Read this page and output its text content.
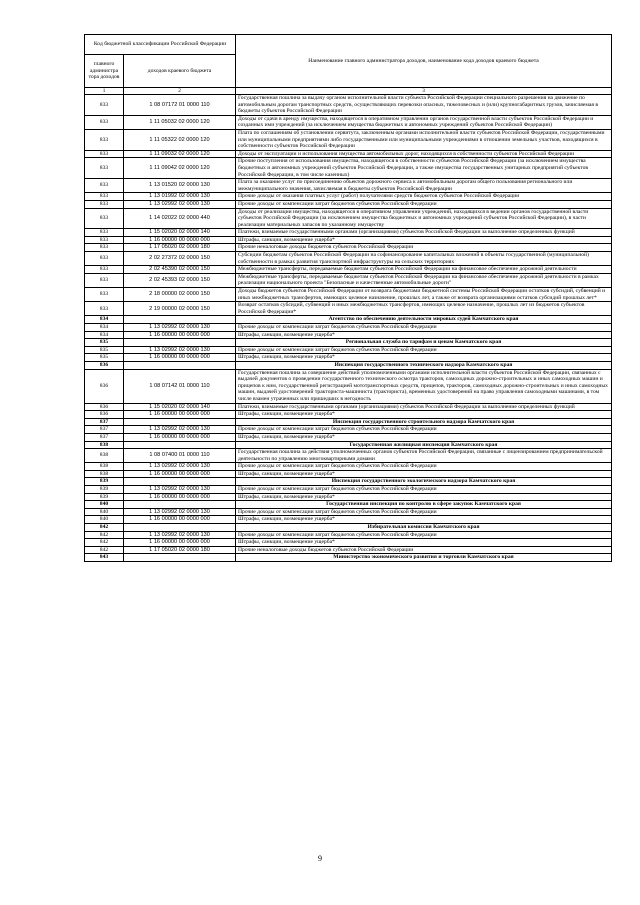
Код бюджетной классификации Российской Федерации		Наименование главного администратора доходов, наименование кода доходов краевого бюджета
главного администра тора доходов	доходов краевого бюджета	
1	2	3
833	1 08 07172 01 0000 110	Государственная пошлина за выдачу органом исполнительной власти субъекта Российской Федерации специального разрешения на движение по автомобильным дорогам транспортных средств, осуществляющих перевозки опасных, тяжеловесных и (или) крупногабаритных грузов, зачисляемая в бюджеты субъектов Российской Федерации
833	1 11 05032 02 0000 120	Доходы от сдачи в аренду имущества, находящегося в оперативном управлении органов государственной власти субъектов Российской Федерации и созданных ими учреждений (за исключением имущества бюджетных и автономных учреждений субъектов Российской Федерации)
833	1 11 05322 02 0000 120	Плата по соглашениям об установлении сервитута, заключенным органами исполнительной власти субъектов Российской Федерации, государственными или муниципальными предприятиями либо государственными или муниципальными учреждениями в отношении земельных участков, находящихся в собственности субъектов Российской Федерации
833	1 11 09032 02 0000 120	Доходы от эксплуатации и использования имущества автомобильных дорог, находящихся в собственности субъектов Российской Федерации
833	1 11 09042 02 0000 120	Прочие поступления от использования имущества, находящегося в собственности субъектов Российской Федерации (за исключением имущества бюджетных и автономных учреждений субъектов Российской Федерации, а также имущества государственных унитарных предприятий субъектов Российской Федерации, в том числе казенных)
833	1 13 01520 02 0000 130	Плата за оказание услуг по присоединению объектов дорожного сервиса к автомобильным дорогам общего пользования регионального или межмуниципального значения, зачисляемая в бюджеты субъектов Российской Федерации
833	1 13 01992 02 0000 130	Прочие доходы от оказания платных услуг (работ) получателями средств бюджетов субъектов Российской Федерации
833	1 13 02992 02 0000 130	Прочие доходы от компенсации затрат бюджетов субъектов Российской Федерации
833	1 14 02022 02 0000 440	Доходы от реализации имущества, находящегося в оперативном управлении учреждений, находящихся в ведении органов государственной власти субъектов Российской Федерации (за исключением имущества бюджетных и автономных учреждений субъектов Российской Федерации), в части реализации материальных запасов по указанному имуществу
833	1 15 02020 02 0000 140	Платежи, взимаемые государственными органами (организациями) субъектов Российской Федерации за выполнение определенных функций
833	1 16 00000 00 0000 000	Штрафы, санкции, возмещение ущерба*
833	1 17 05020 02 0000 180	Прочие неналоговые доходы бюджетов субъектов Российской Федерации
833	2 02 27372 02 0000 150	Субсидии бюджетам субъектов Российской Федерации на софинансирование капитальных вложений в объекты государственной (муниципальной) собственности в рамках развития транспортной инфраструктуры на сельских территориях
833	2 02 45390 02 0000 150	Межбюджетные трансферты, передаваемые бюджетам субъектов Российской Федерации на финансовое обеспечение дорожной деятельности
833	2 02 45393 02 0000 150	Межбюджетные трансферты, передаваемые бюджетам субъектов Российской Федерации на финансовое обеспечение дорожной деятельности в рамках реализации национального проекта "Безопасные и качественные автомобильные дороги"
833	2 18 00000 02 0000 150	Доходы бюджетов субъектов Российской Федерации от возврата бюджетами бюджетной системы Российской Федерации остатков субсидий, субвенций и иных межбюджетных трансфертов, имеющих целевое назначение, прошлых лет, а также от возврата организациями остатков субсидий прошлых лет*
833	2 19 00000 02 0000 150	Возврат остатков субсидий, субвенций и иных межбюджетных трансфертов, имеющих целевое назначение, прошлых лет из бюджетов субъектов Российской Федерации*
834		Агентство по обеспечению деятельности мировых судей Камчатского края
834	1 13 02992 02 0000 130	Прочие доходы от компенсации затрат бюджетов субъектов Российской Федерации
834	1 16 00000 00 0000 000	Штрафы, санкции, возмещение ущерба*
835		Региональная служба по тарифам и ценам Камчатского края
835	1 13 02992 02 0000 130	Прочие доходы от компенсации затрат бюджетов субъектов Российской Федерации
835	1 16 00000 00 0000 000	Штрафы, санкции, возмещение ущерба*
836		Инспекция государственного технического надзора Камчатского края
836	1 08 07142 01 0000 110	Государственная пошлина за совершение действий уполномоченными органами исполнительной власти субъектов Российской Федерации, связанных с выдачей документов о проведении государственного технического осмотра тракторов, самоходных дорожно-строительных и иных самоходных машин и прицепов к ним, государственной регистрацией мототранспортных средств, прицепов, тракторов, самоходных дорожно-строительных и иных самоходных машин, выдачей удостоверений тракториста-машиниста (тракториста), временных удостоверений на право управления самоходными машинами, в том числе взамен утраченных или пришедших в негодность
836	1 15 02020 02 0000 140	Платежи, взимаемые государственными органами (организациями) субъектов Российской Федерации за выполнение определенных функций
836	1 16 00000 00 0000 000	Штрафы, санкции, возмещение ущерба*
837		Инспекция государственного строительного надзора Камчатского края
837	1 13 02992 02 0000 130	Прочие доходы от компенсации затрат бюджетов субъектов Российской Федерации
837	1 16 00000 00 0000 000	Штрафы, санкции, возмещение ущерба*
838		Государственная жилищная инспекция Камчатского края
838	1 08 07400 01 0000 110	Государственная пошлина за действия уполномоченных органов субъектов Российской Федерации, связанные с лицензированием предпринимательской деятельности по управлению многоквартирными домами
838	1 13 02992 02 0000 130	Прочие доходы от компенсации затрат бюджетов субъектов Российской Федерации
838	1 16 00000 00 0000 000	Штрафы, санкции, возмещение ущерба*
839		Инспекция государственного экологического надзора Камчатского края
839	1 13 02992 02 0000 130	Прочие доходы от компенсации затрат бюджетов субъектов Российской Федерации
839	1 16 00000 00 0000 000	Штрафы, санкции, возмещение ущерба*
840		Государственная инспекция по контролю в сфере закупок Камчатского края
840	1 13 02992 02 0000 130	Прочие доходы от компенсации затрат бюджетов субъектов Российской Федерации
840	1 16 00000 00 0000 000	Штрафы, санкции, возмещение ущерба*
842		Избирательная комиссия Камчатского края
842	1 13 02992 02 0000 130	Прочие доходы от компенсации затрат бюджетов субъектов Российской Федерации
842	1 16 00000 00 0000 000	Штрафы, санкции, возмещение ущерба*
842	1 17 05020 02 0000 180	Прочие неналоговые доходы бюджетов субъектов Российской Федерации
843		Министерство экономического развития и торговли Камчатского края
9
